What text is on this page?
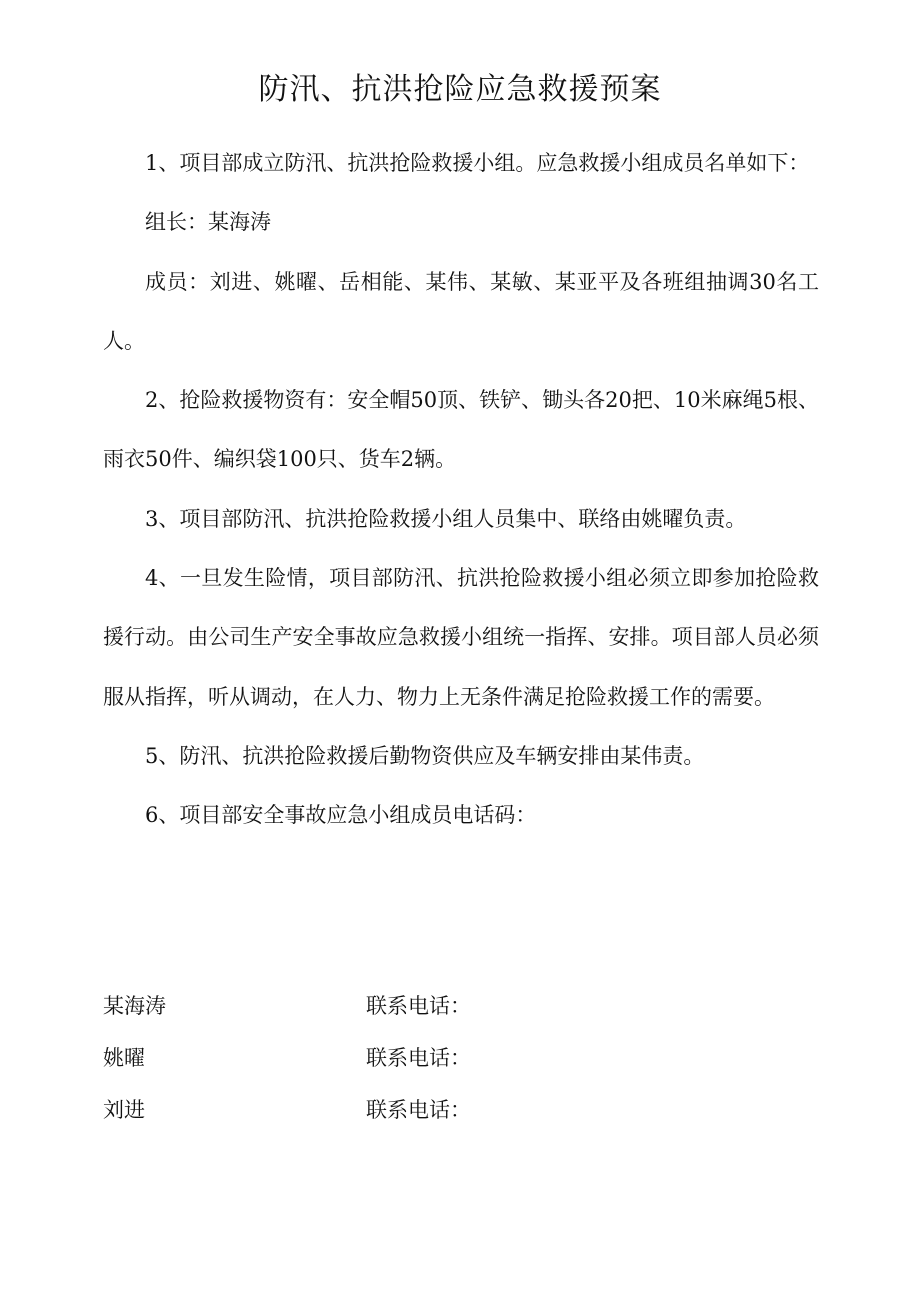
防汛、抗洪抢险应急救援预案

1、项目部成立防汛、抗洪抢险救援小组。应急救援小组成员名单如下：

组长：某海涛

成员：刘进、姚曜、岳相能、某伟、某敏、某亚平及各班组抽调30名工人。

2、抢险救援物资有：安全帽50顶、铁铲、锄头各20把、10米麻绳5根、雨衣50件、编织袋100只、货车2辆。

3、项目部防汛、抗洪抢险救援小组人员集中、联络由姚曜负责。

4、一旦发生险情，项目部防汛、抗洪抢险救援小组必须立即参加抢险救援行动。由公司生产安全事故应急救援小组统一指挥、安排。项目部人员必须服从指挥，听从调动，在人力、物力上无条件满足抢险救援工作的需要。

5、防汛、抗洪抢险救援后勤物资供应及车辆安排由某伟责。

6、项目部安全事故应急小组成员电话码：

某海涛	联系电话：
姚曜	联系电话：
刘进	联系电话：
